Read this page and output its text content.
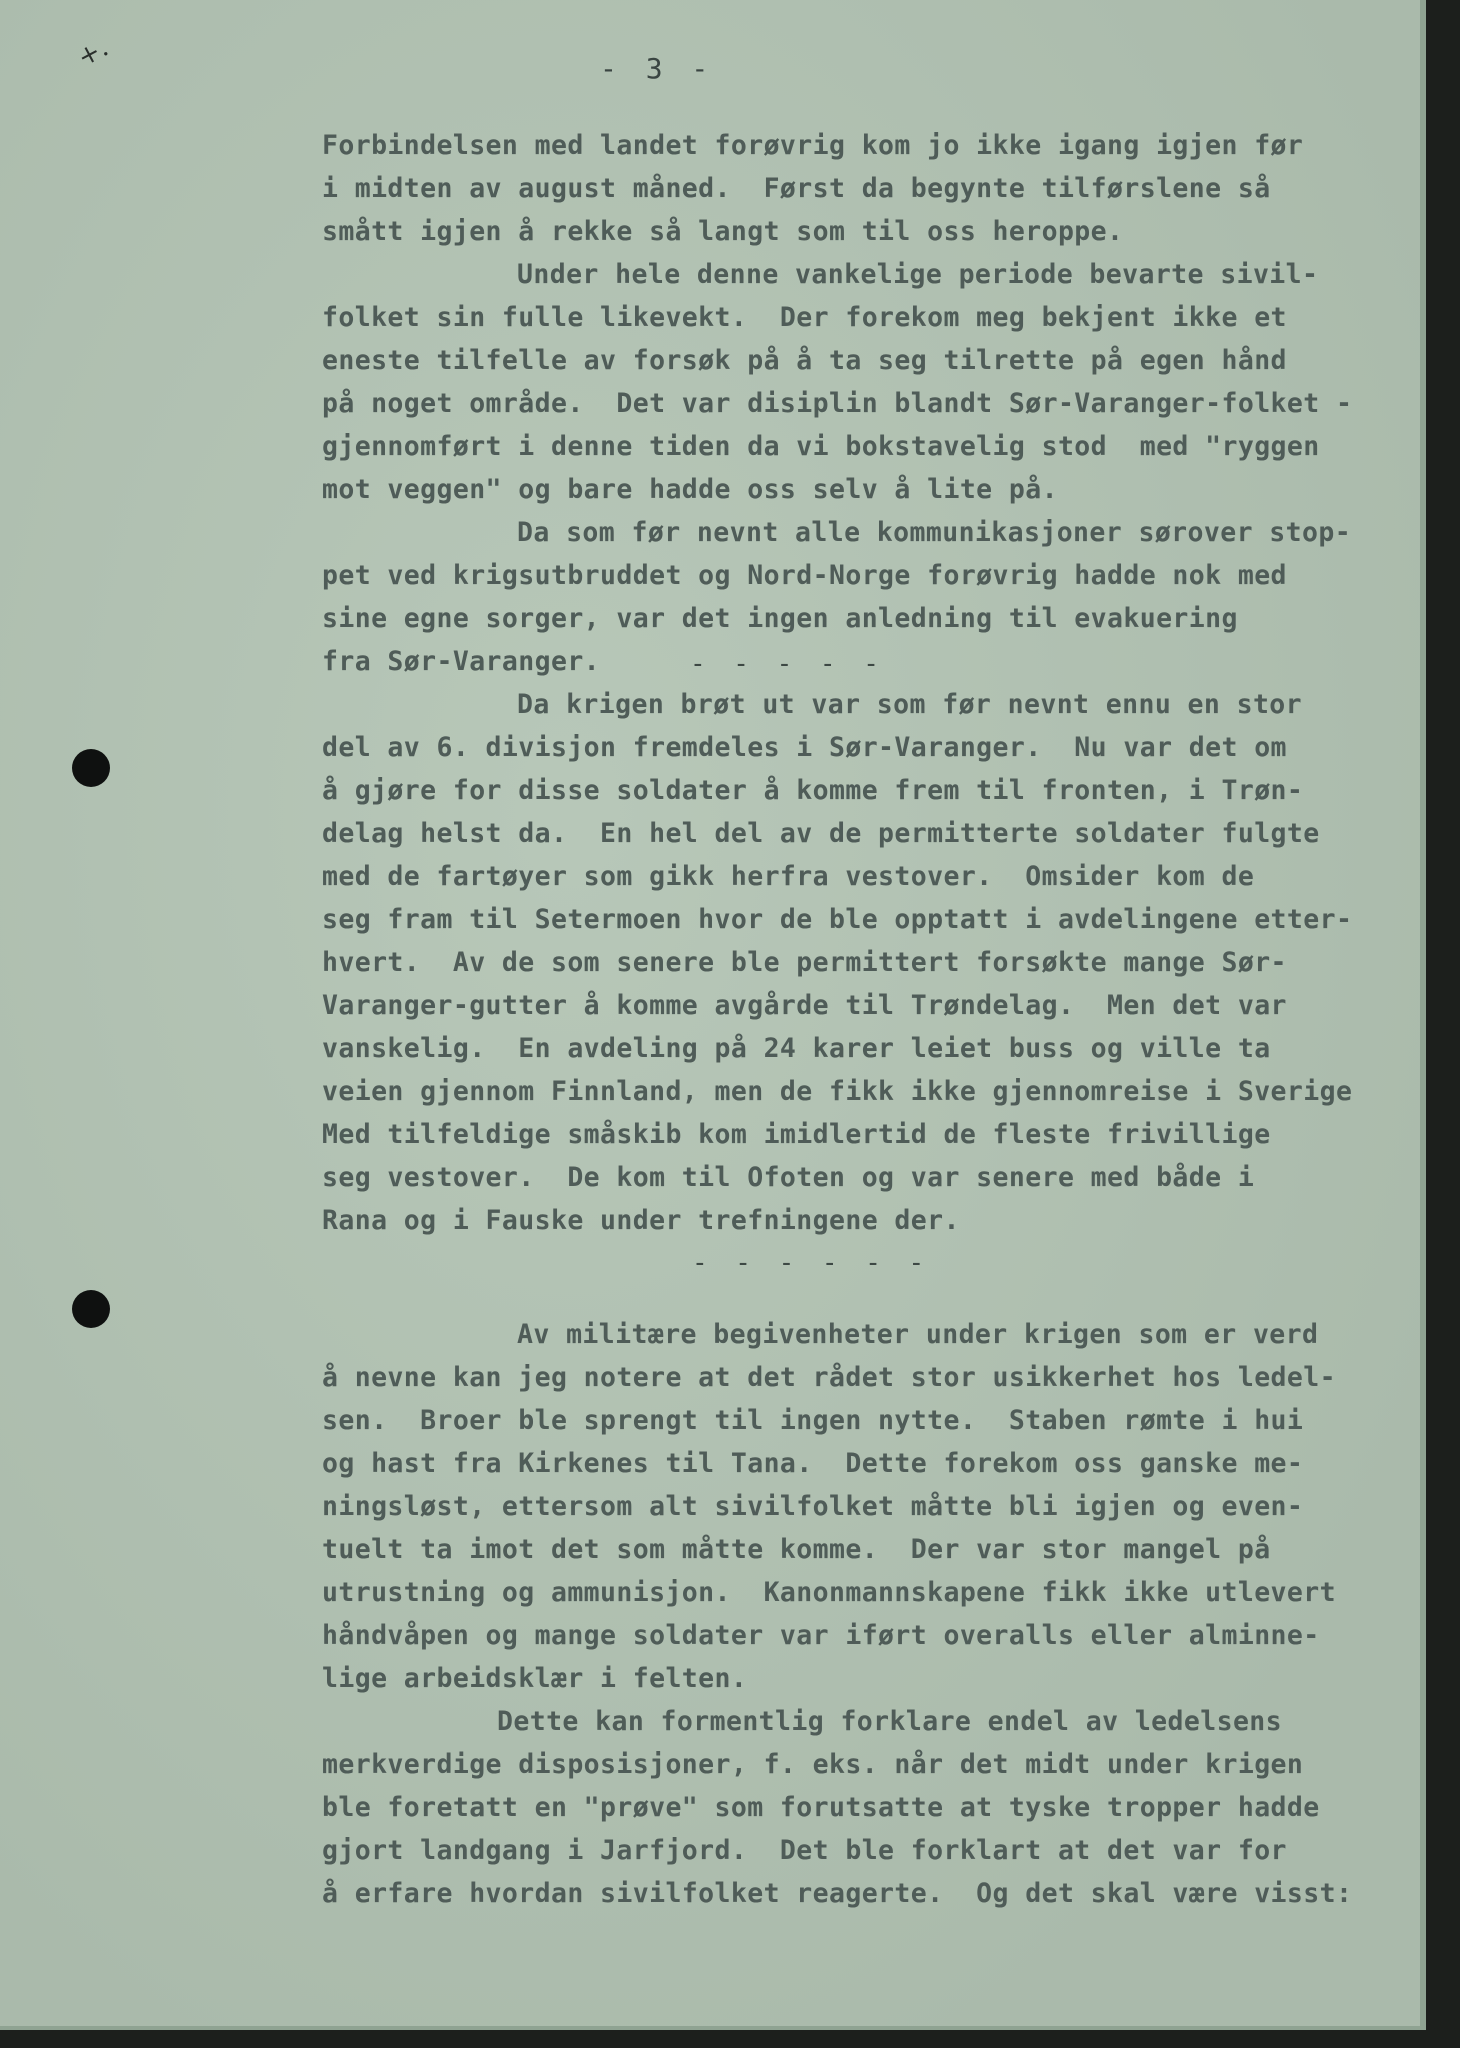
+.	- 3 -
Forbindelsen med landet forøvrig kom jo ikke igang igjen før
i midten av august måned.  Først da begynte tilførslene så
smått igjen å rekke så langt som til oss heroppe.
Under hele denne vankelige periode bevarte sivil-
folket sin fulle likevekt.  Der forekom meg bekjent ikke et
eneste tilfelle av forsøk på å ta seg tilrette på egen hånd
på noget område.  Det var disiplin blandt Sør-Varanger-folket -
gjennomført i denne tiden da vi bokstavelig stod  med "ryggen
mot veggen" og bare hadde oss selv å lite på.
Da som før nevnt alle kommunikasjoner sørover stop-
pet ved krigsutbruddet og Nord-Norge forøvrig hadde nok med
sine egne sorger, var det ingen anledning til evakuering
fra Sør-Varanger.	- - - - -
Da krigen brøt ut var som før nevnt ennu en stor
del av 6. divisjon fremdeles i Sør-Varanger.  Nu var det om
å gjøre for disse soldater å komme frem til fronten, i Trøn-
delag helst da.  En hel del av de permitterte soldater fulgte
med de fartøyer som gikk herfra vestover.  Omsider kom de
seg fram til Setermoen hvor de ble opptatt i avdelingene etter-
hvert.  Av de som senere ble permittert forsøkte mange Sør-
Varanger-gutter å komme avgårde til Trøndelag.  Men det var
vanskelig.  En avdeling på 24 karer leiet buss og ville ta
veien gjennom Finnland, men de fikk ikke gjennomreise i Sverige
Med tilfeldige småskib kom imidlertid de fleste frivillige
seg vestover.  De kom til Ofoten og var senere med både i
Rana og i Fauske under trefningene der.
- - - - - -
Av militære begivenheter under krigen som er verd
å nevne kan jeg notere at det rådet stor usikkerhet hos ledel-
sen.  Broer ble sprengt til ingen nytte.  Staben rømte i hui
og hast fra Kirkenes til Tana.  Dette forekom oss ganske me-
ningsløst, ettersom alt sivilfolket måtte bli igjen og even-
tuelt ta imot det som måtte komme.  Der var stor mangel på
utrustning og ammunisjon.  Kanonmannskapene fikk ikke utlevert
håndvåpen og mange soldater var iført overalls eller alminne-
lige arbeidsklær i felten.
Dette kan formentlig forklare endel av ledelsens
merkverdige disposisjoner, f. eks. når det midt under krigen
ble foretatt en "prøve" som forutsatte at tyske tropper hadde
gjort landgang i Jarfjord.  Det ble forklart at det var for
å erfare hvordan sivilfolket reagerte.  Og det skal være visst:
